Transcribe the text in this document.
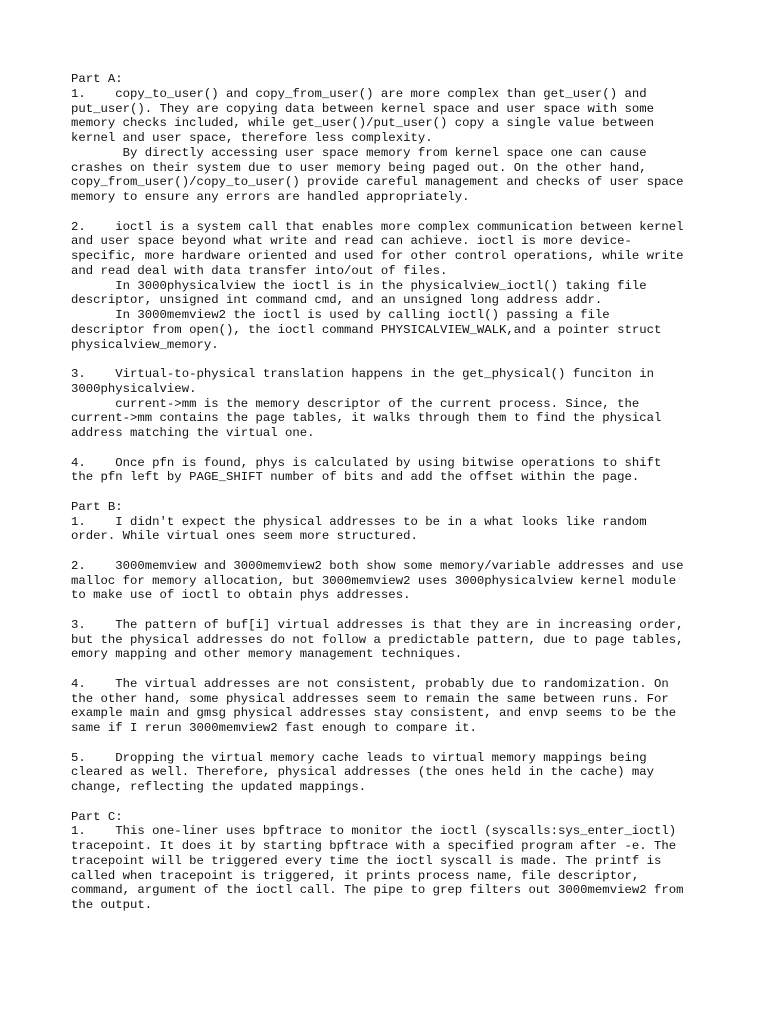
Part A:
1.    copy_to_user() and copy_from_user() are more complex than get_user() and
put_user(). They are copying data between kernel space and user space with some
memory checks included, while get_user()/put_user() copy a single value between
kernel and user space, therefore less complexity.
By directly accessing user space memory from kernel space one can cause
crashes on their system due to user memory being paged out. On the other hand,
copy_from_user()/copy_to_user() provide careful management and checks of user space
memory to ensure any errors are handled appropriately.
2.    ioctl is a system call that enables more complex communication between kernel
and user space beyond what write and read can achieve. ioctl is more device-
specific, more hardware oriented and used for other control operations, while write
and read deal with data transfer into/out of files.
In 3000physicalview the ioctl is in the physicalview_ioctl() taking file
descriptor, unsigned int command cmd, and an unsigned long address addr.
In 3000memview2 the ioctl is used by calling ioctl() passing a file
descriptor from open(), the ioctl command PHYSICALVIEW_WALK,and a pointer struct
physicalview_memory.
3.    Virtual-to-physical translation happens in the get_physical() funciton in
3000physicalview.
current->mm is the memory descriptor of the current process. Since, the
current->mm contains the page tables, it walks through them to find the physical
address matching the virtual one.
4.    Once pfn is found, phys is calculated by using bitwise operations to shift
the pfn left by PAGE_SHIFT number of bits and add the offset within the page.
Part B:
1.    I didn't expect the physical addresses to be in a what looks like random
order. While virtual ones seem more structured.
2.    3000memview and 3000memview2 both show some memory/variable addresses and use
malloc for memory allocation, but 3000memview2 uses 3000physicalview kernel module
to make use of ioctl to obtain phys addresses.
3.    The pattern of buf[i] virtual addresses is that they are in increasing order,
but the physical addresses do not follow a predictable pattern, due to page tables,
emory mapping and other memory management techniques.
4.    The virtual addresses are not consistent, probably due to randomization. On
the other hand, some physical addresses seem to remain the same between runs. For
example main and gmsg physical addresses stay consistent, and envp seems to be the
same if I rerun 3000memview2 fast enough to compare it.
5.    Dropping the virtual memory cache leads to virtual memory mappings being
cleared as well. Therefore, physical addresses (the ones held in the cache) may
change, reflecting the updated mappings.
Part C:
1.    This one-liner uses bpftrace to monitor the ioctl (syscalls:sys_enter_ioctl)
tracepoint. It does it by starting bpftrace with a specified program after -e. The
tracepoint will be triggered every time the ioctl syscall is made. The printf is
called when tracepoint is triggered, it prints process name, file descriptor,
command, argument of the ioctl call. The pipe to grep filters out 3000memview2 from
the output.
